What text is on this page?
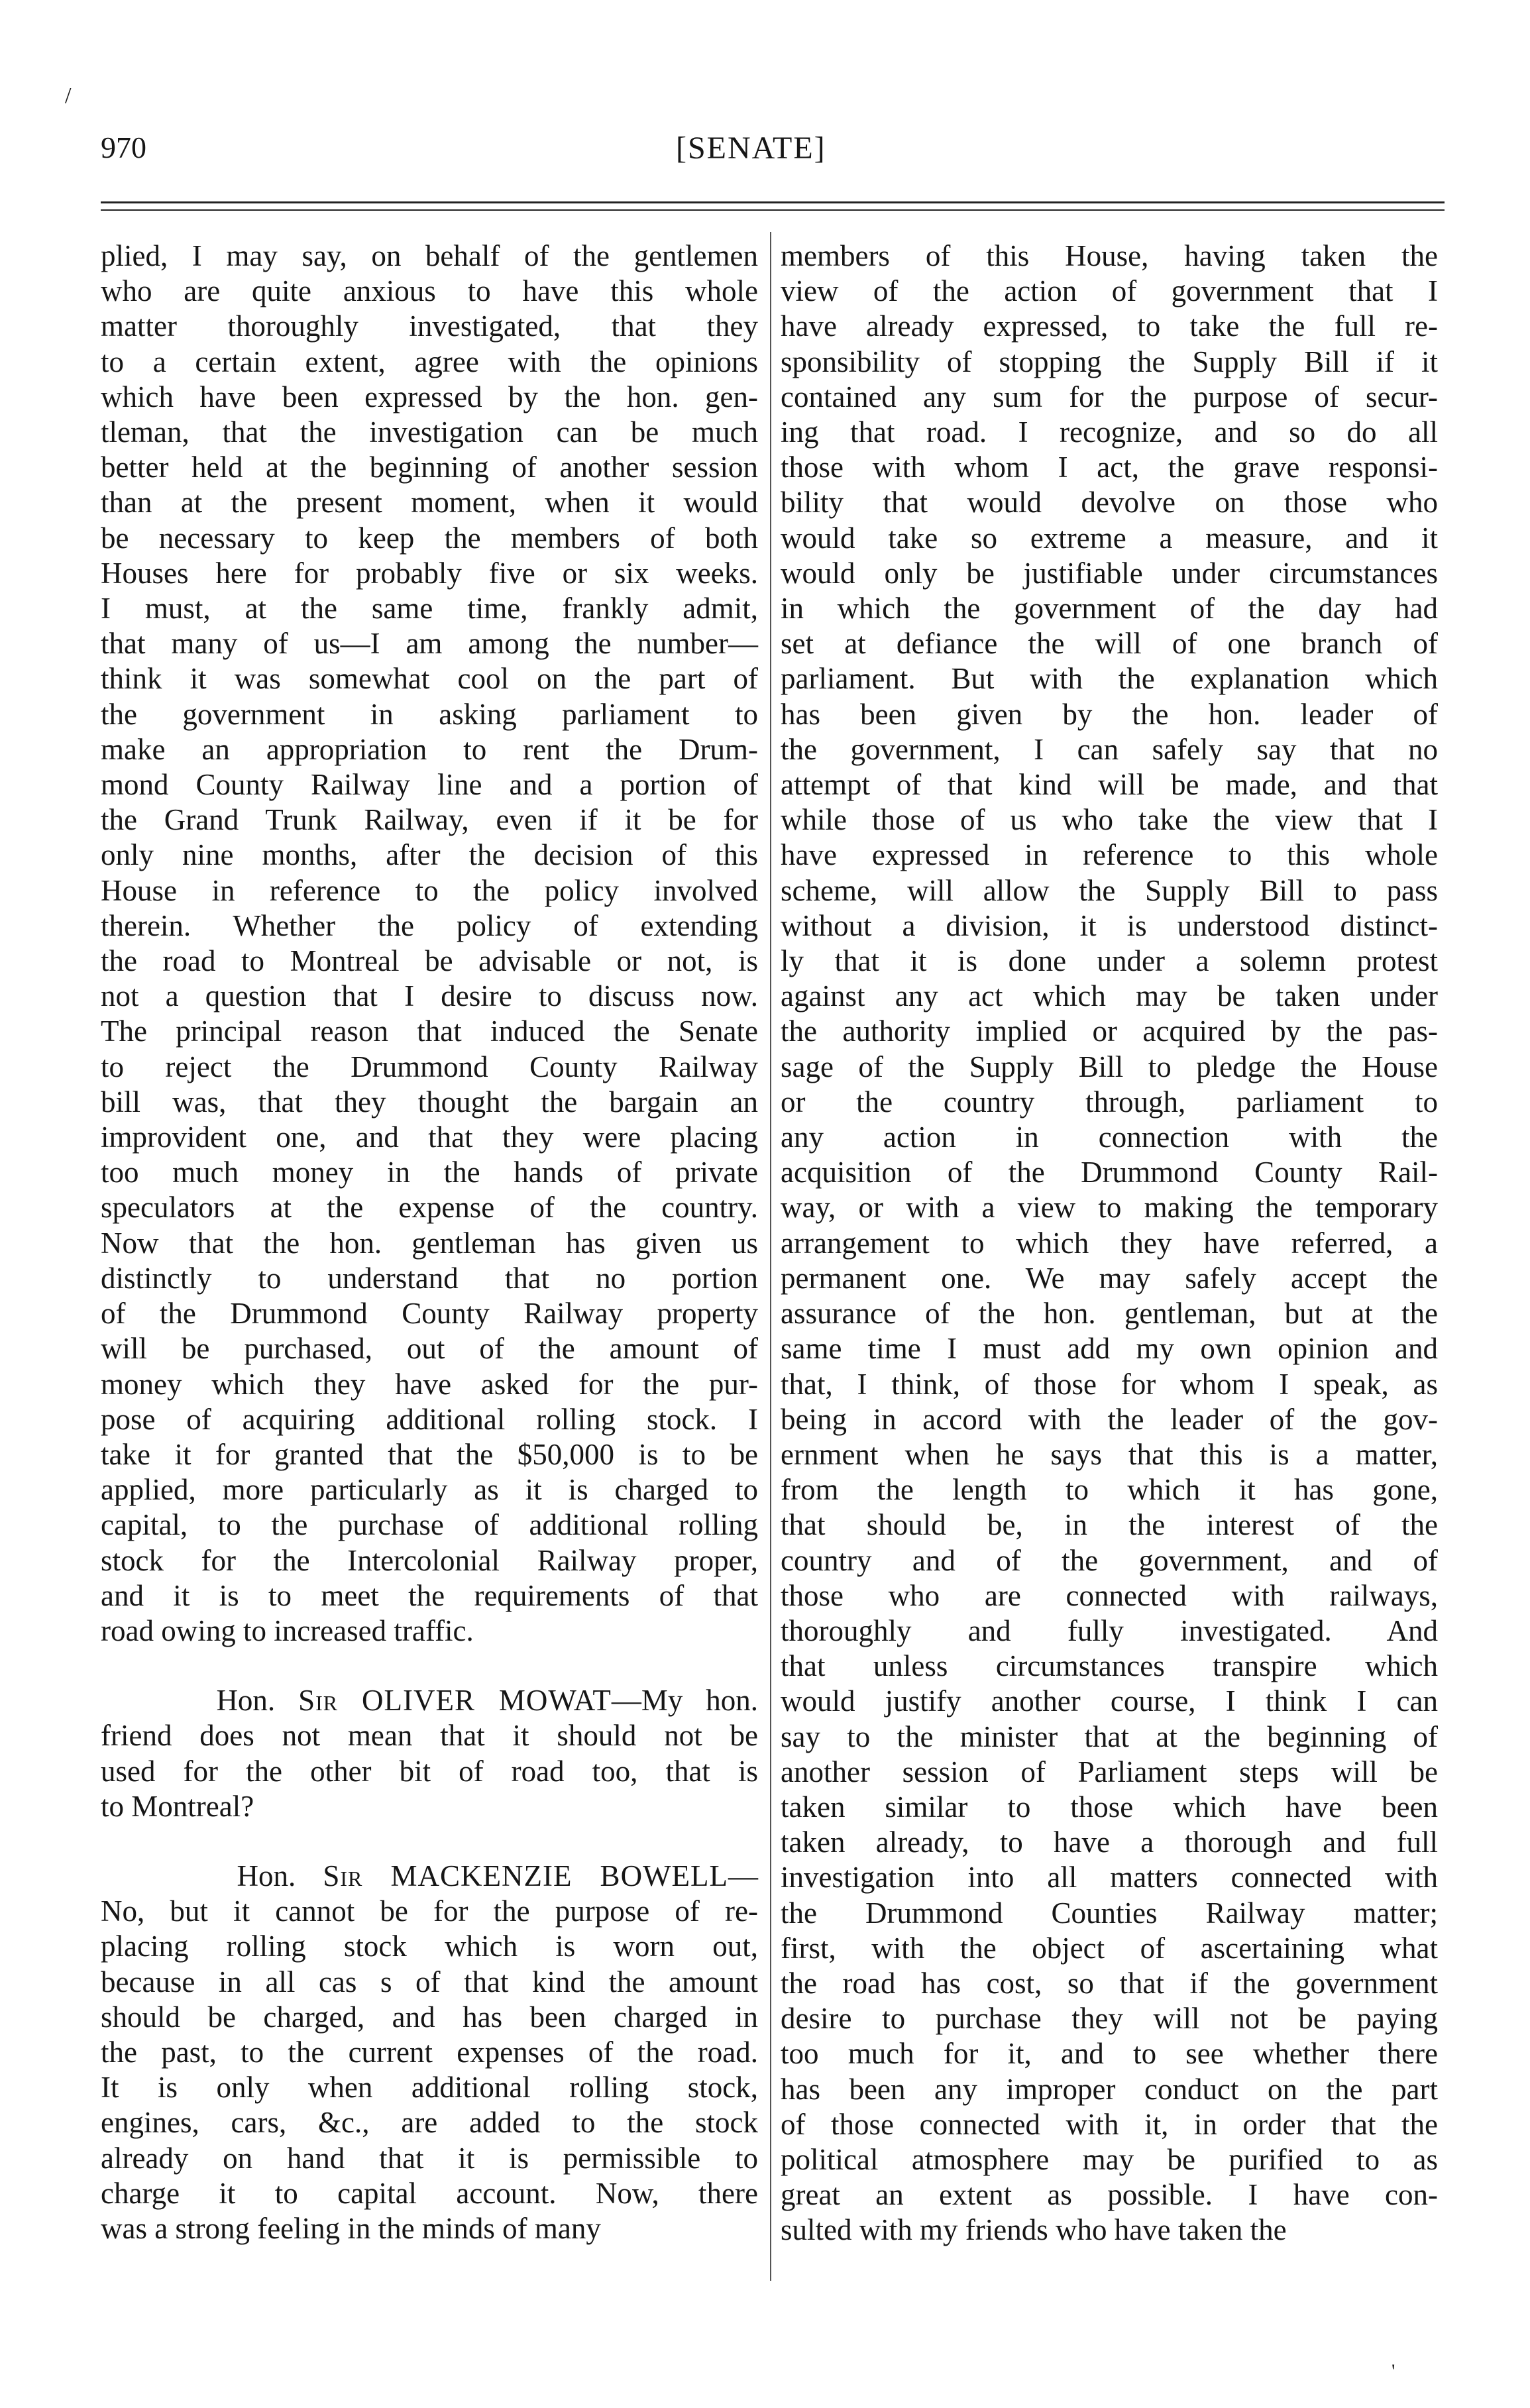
/
970	[SENATE]

plied, I may say, on behalf of the gentlemen
who are quite anxious to have this whole
matter thoroughly investigated, that they
to a certain extent, agree with the opinions
which have been expressed by the hon. gen-
tleman, that the investigation can be much
better held at the beginning of another session
than at the present moment, when it would
be necessary to keep the members of both
Houses here for probably five or six weeks.
I must, at the same time, frankly admit,
that many of us—I am among the number—
think it was somewhat cool on the part of
the government in asking parliament to
make an appropriation to rent the Drum-
mond County Railway line and a portion of
the Grand Trunk Railway, even if it be for
only nine months, after the decision of this
House in reference to the policy involved
therein. Whether the policy of extending
the road to Montreal be advisable or not, is
not a question that I desire to discuss now.
The principal reason that induced the Senate
to reject the Drummond County Railway
bill was, that they thought the bargain an
improvident one, and that they were placing
too much money in the hands of private
speculators at the expense of the country.
Now that the hon. gentleman has given us
distinctly to understand that no portion
of the Drummond County Railway property
will be purchased, out of the amount of
money which they have asked for the pur-
pose of acquiring additional rolling stock. I
take it for granted that the $50,000 is to be
applied, more particularly as it is charged to
capital, to the purchase of additional rolling
stock for the Intercolonial Railway proper,
and it is to meet the requirements of that
road owing to increased traffic.

Hon. Sir OLIVER MOWAT—My hon.
friend does not mean that it should not be
used for the other bit of road too, that is
to Montreal?

Hon. Sir MACKENZIE BOWELL—
No, but it cannot be for the purpose of re-
placing rolling stock which is worn out,
because in all cas s of that kind the amount
should be charged, and has been charged in
the past, to the current expenses of the road.
It is only when additional rolling stock,
engines, cars, &c., are added to the stock
already on hand that it is permissible to
charge it to capital account. Now, there
was a strong feeling in the minds of many

members of this House, having taken the
view of the action of government that I
have already expressed, to take the full re-
sponsibility of stopping the Supply Bill if it
contained any sum for the purpose of secur-
ing that road. I recognize, and so do all
those with whom I act, the grave responsi-
bility that would devolve on those who
would take so extreme a measure, and it
would only be justifiable under circumstances
in which the government of the day had
set at defiance the will of one branch of
parliament. But with the explanation which
has been given by the hon. leader of
the government, I can safely say that no
attempt of that kind will be made, and that
while those of us who take the view that I
have expressed in reference to this whole
scheme, will allow the Supply Bill to pass
without a division, it is understood distinct-
ly that it is done under a solemn protest
against any act which may be taken under
the authority implied or acquired by the pas-
sage of the Supply Bill to pledge the House
or the country through, parliament to
any action in connection with the
acquisition of the Drummond County Rail-
way, or with a view to making the temporary
arrangement to which they have referred, a
permanent one. We may safely accept the
assurance of the hon. gentleman, but at the
same time I must add my own opinion and
that, I think, of those for whom I speak, as
being in accord with the leader of the gov-
ernment when he says that this is a matter,
from the length to which it has gone,
that should be, in the interest of the
country and of the government, and of
those who are connected with railways,
thoroughly and fully investigated. And
that unless circumstances transpire which
would justify another course, I think I can
say to the minister that at the beginning of
another session of Parliament steps will be
taken similar to those which have been
taken already, to have a thorough and full
investigation into all matters connected with
the Drummond Counties Railway matter;
first, with the object of ascertaining what
the road has cost, so that if the government
desire to purchase they will not be paying
too much for it, and to see whether there
has been any improper conduct on the part
of those connected with it, in order that the
political atmosphere may be purified to as
great an extent as possible. I have con-
sulted with my friends who have taken the

'
